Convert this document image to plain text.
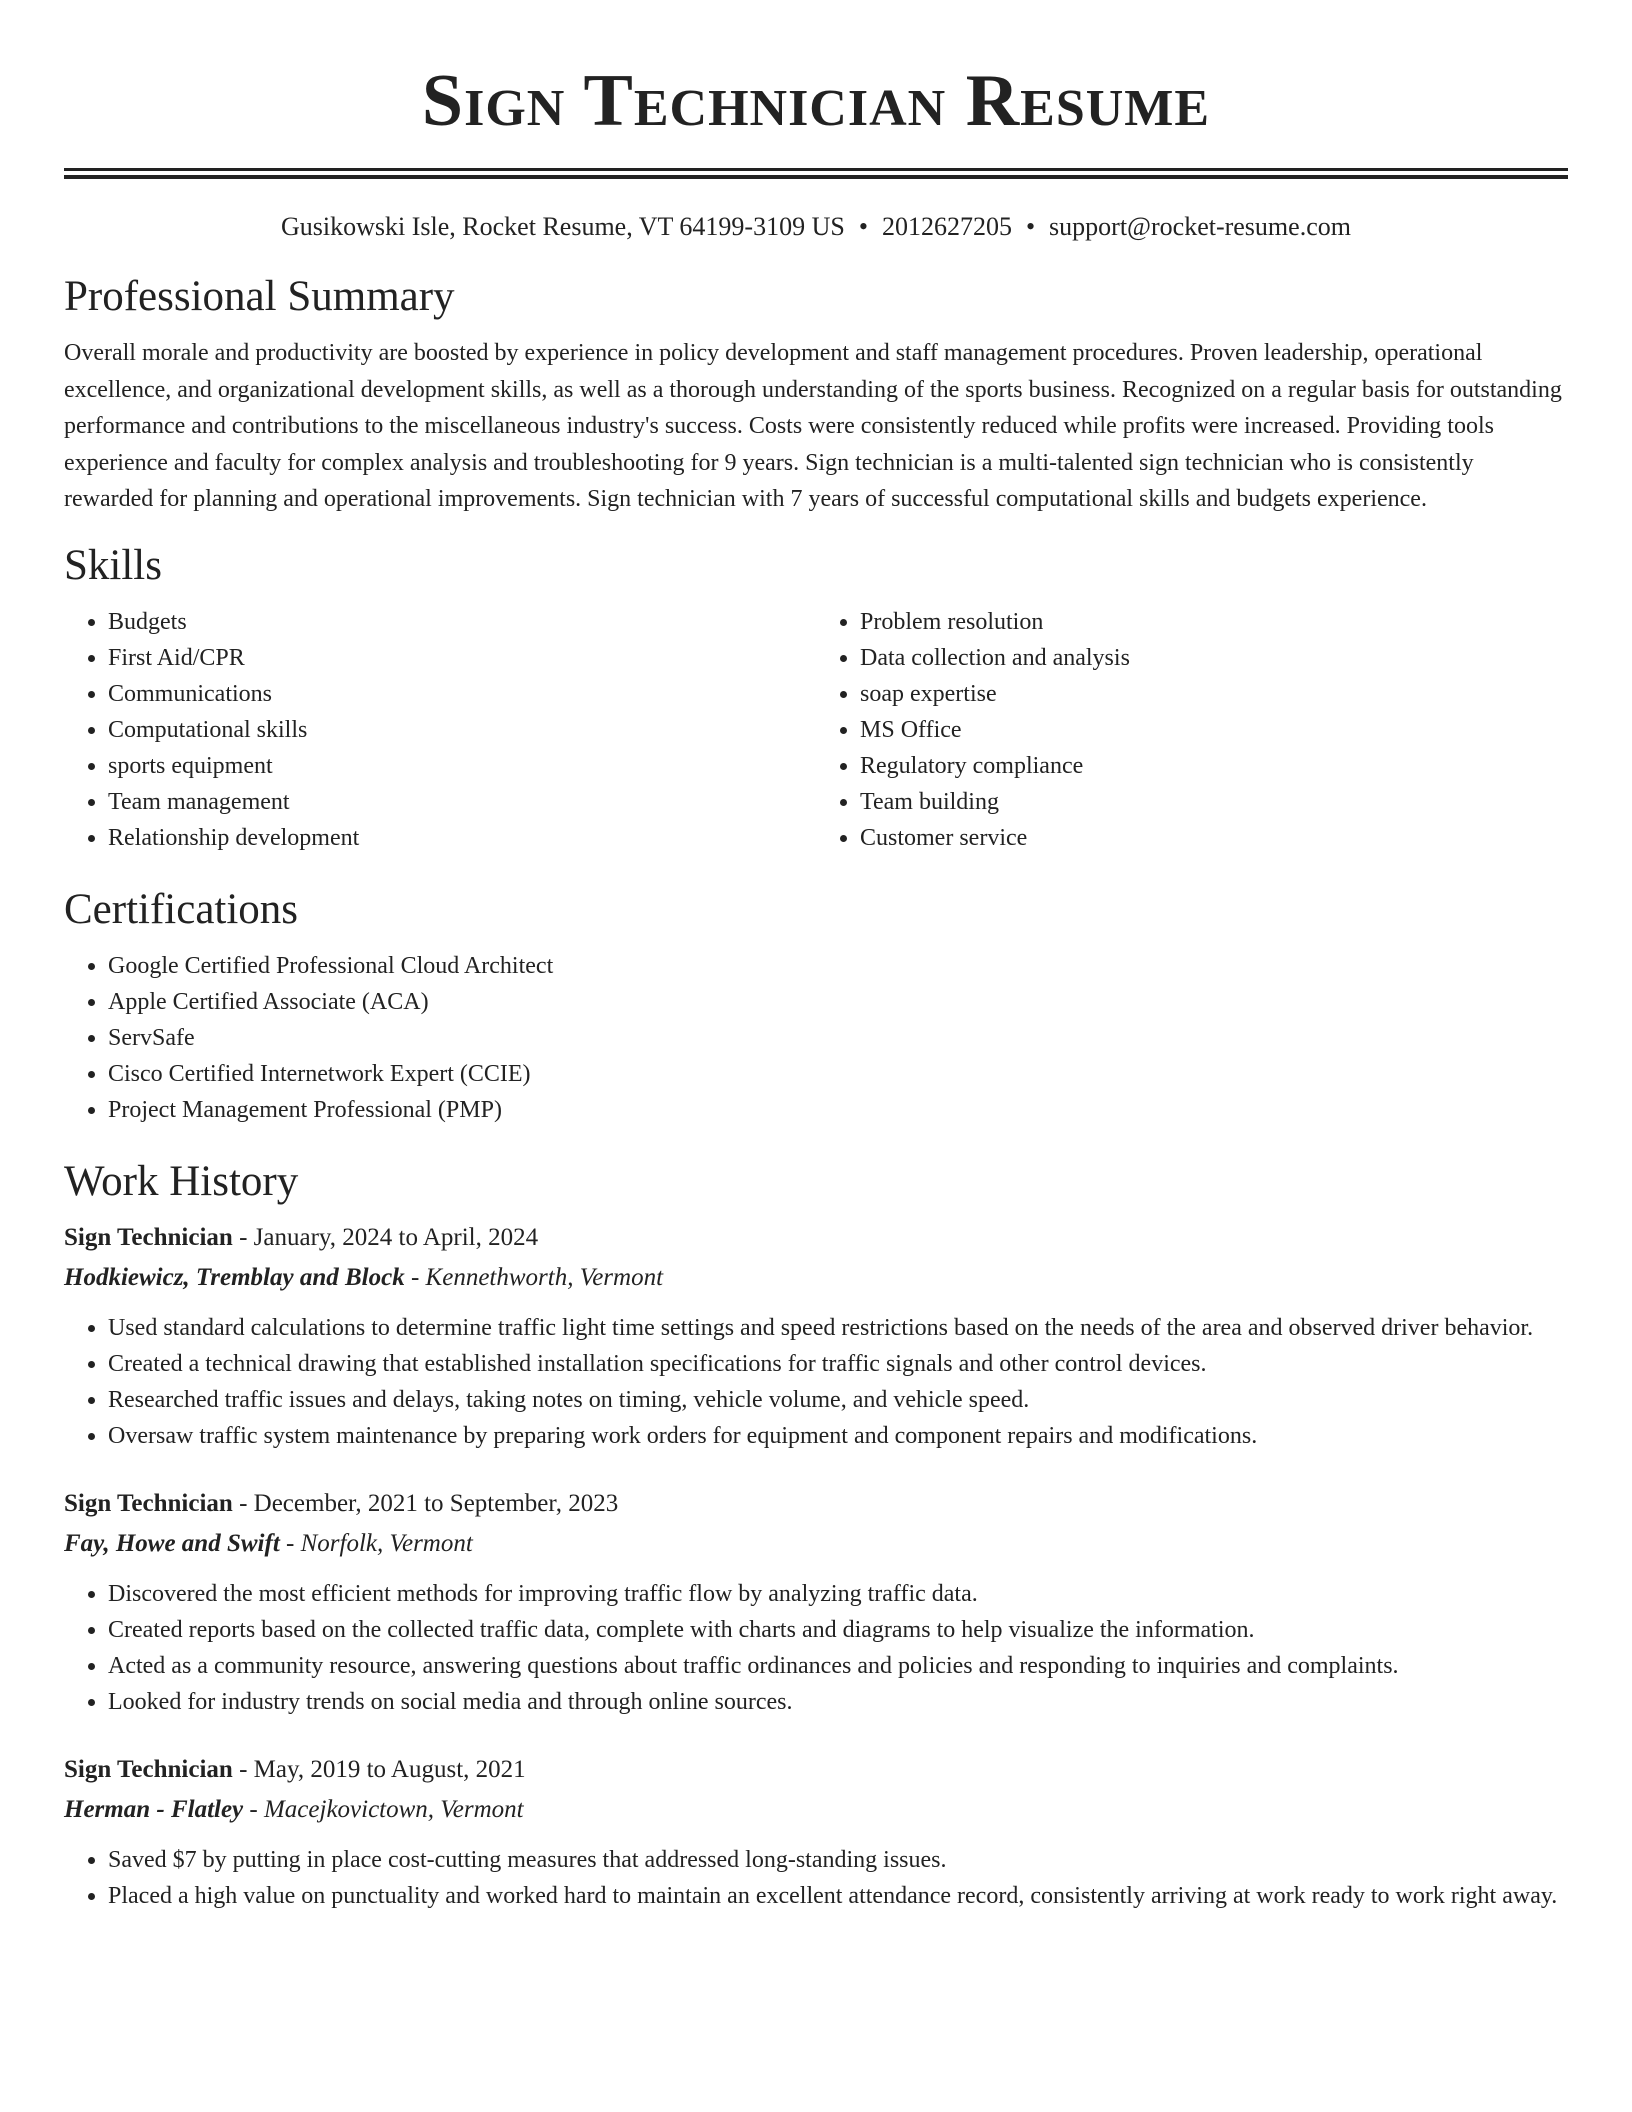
Sign Technician Resume
Gusikowski Isle, Rocket Resume, VT 64199-3109 US • 2012627205 • support@rocket-resume.com
Professional Summary

Overall morale and productivity are boosted by experience in policy development and staff management procedures. Proven leadership, operational excellence, and organizational development skills, as well as a thorough understanding of the sports business. Recognized on a regular basis for outstanding performance and contributions to the miscellaneous industry's success. Costs were consistently reduced while profits were increased. Providing tools experience and faculty for complex analysis and troubleshooting for 9 years. Sign technician is a multi-talented sign technician who is consistently rewarded for planning and operational improvements. Sign technician with 7 years of successful computational skills and budgets experience.

Skills
• Budgets
• First Aid/CPR
• Communications
• Computational skills
• sports equipment
• Team management
• Relationship development
• Problem resolution
• Data collection and analysis
• soap expertise
• MS Office
• Regulatory compliance
• Team building
• Customer service
Certifications
• Google Certified Professional Cloud Architect
• Apple Certified Associate (ACA)
• ServSafe
• Cisco Certified Internetwork Expert (CCIE)
• Project Management Professional (PMP)
Work History

Sign Technician - January, 2024 to April, 2024

Hodkiewicz, Tremblay and Block - Kennethworth, Vermont

• Used standard calculations to determine traffic light time settings and speed restrictions based on the needs of the area and observed driver behavior.
• Created a technical drawing that established installation specifications for traffic signals and other control devices.
• Researched traffic issues and delays, taking notes on timing, vehicle volume, and vehicle speed.
• Oversaw traffic system maintenance by preparing work orders for equipment and component repairs and modifications.

Sign Technician - December, 2021 to September, 2023

Fay, Howe and Swift - Norfolk, Vermont

• Discovered the most efficient methods for improving traffic flow by analyzing traffic data.
• Created reports based on the collected traffic data, complete with charts and diagrams to help visualize the information.
• Acted as a community resource, answering questions about traffic ordinances and policies and responding to inquiries and complaints.
• Looked for industry trends on social media and through online sources.

Sign Technician - May, 2019 to August, 2021

Herman - Flatley - Macejkovictown, Vermont

• Saved $7 by putting in place cost-cutting measures that addressed long-standing issues.
• Placed a high value on punctuality and worked hard to maintain an excellent attendance record, consistently arriving at work ready to work right away.
